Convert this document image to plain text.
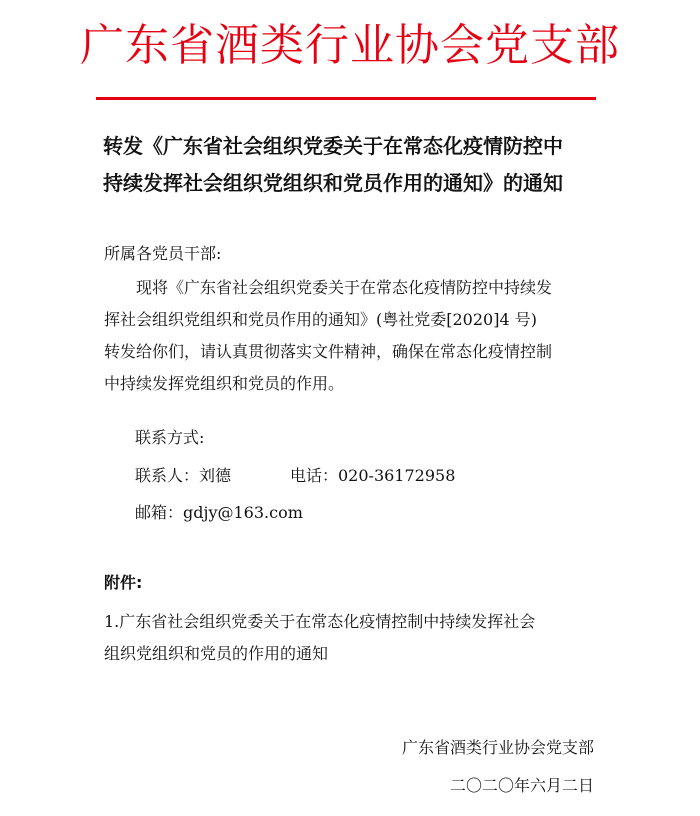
广东省酒类行业协会党支部
转发《广东省社会组织党委关于在常态化疫情防控中
持续发挥社会组织党组织和党员作用的通知》的通知
所属各党员干部:
现将《广东省社会组织党委关于在常态化疫情防控中持续发
挥社会组织党组织和党员作用的通知》(粤社党委[2020]4 号)
转发给你们，请认真贯彻落实文件精神，确保在常态化疫情控制
中持续发挥党组织和党员的作用。
联系方式:
联系人：刘德	电话：020-36172958
邮箱：gdjy@163.com
附件:
1.广东省社会组织党委关于在常态化疫情控制中持续发挥社会
组织党组织和党员的作用的通知
广东省酒类行业协会党支部
二〇二〇年六月二日
